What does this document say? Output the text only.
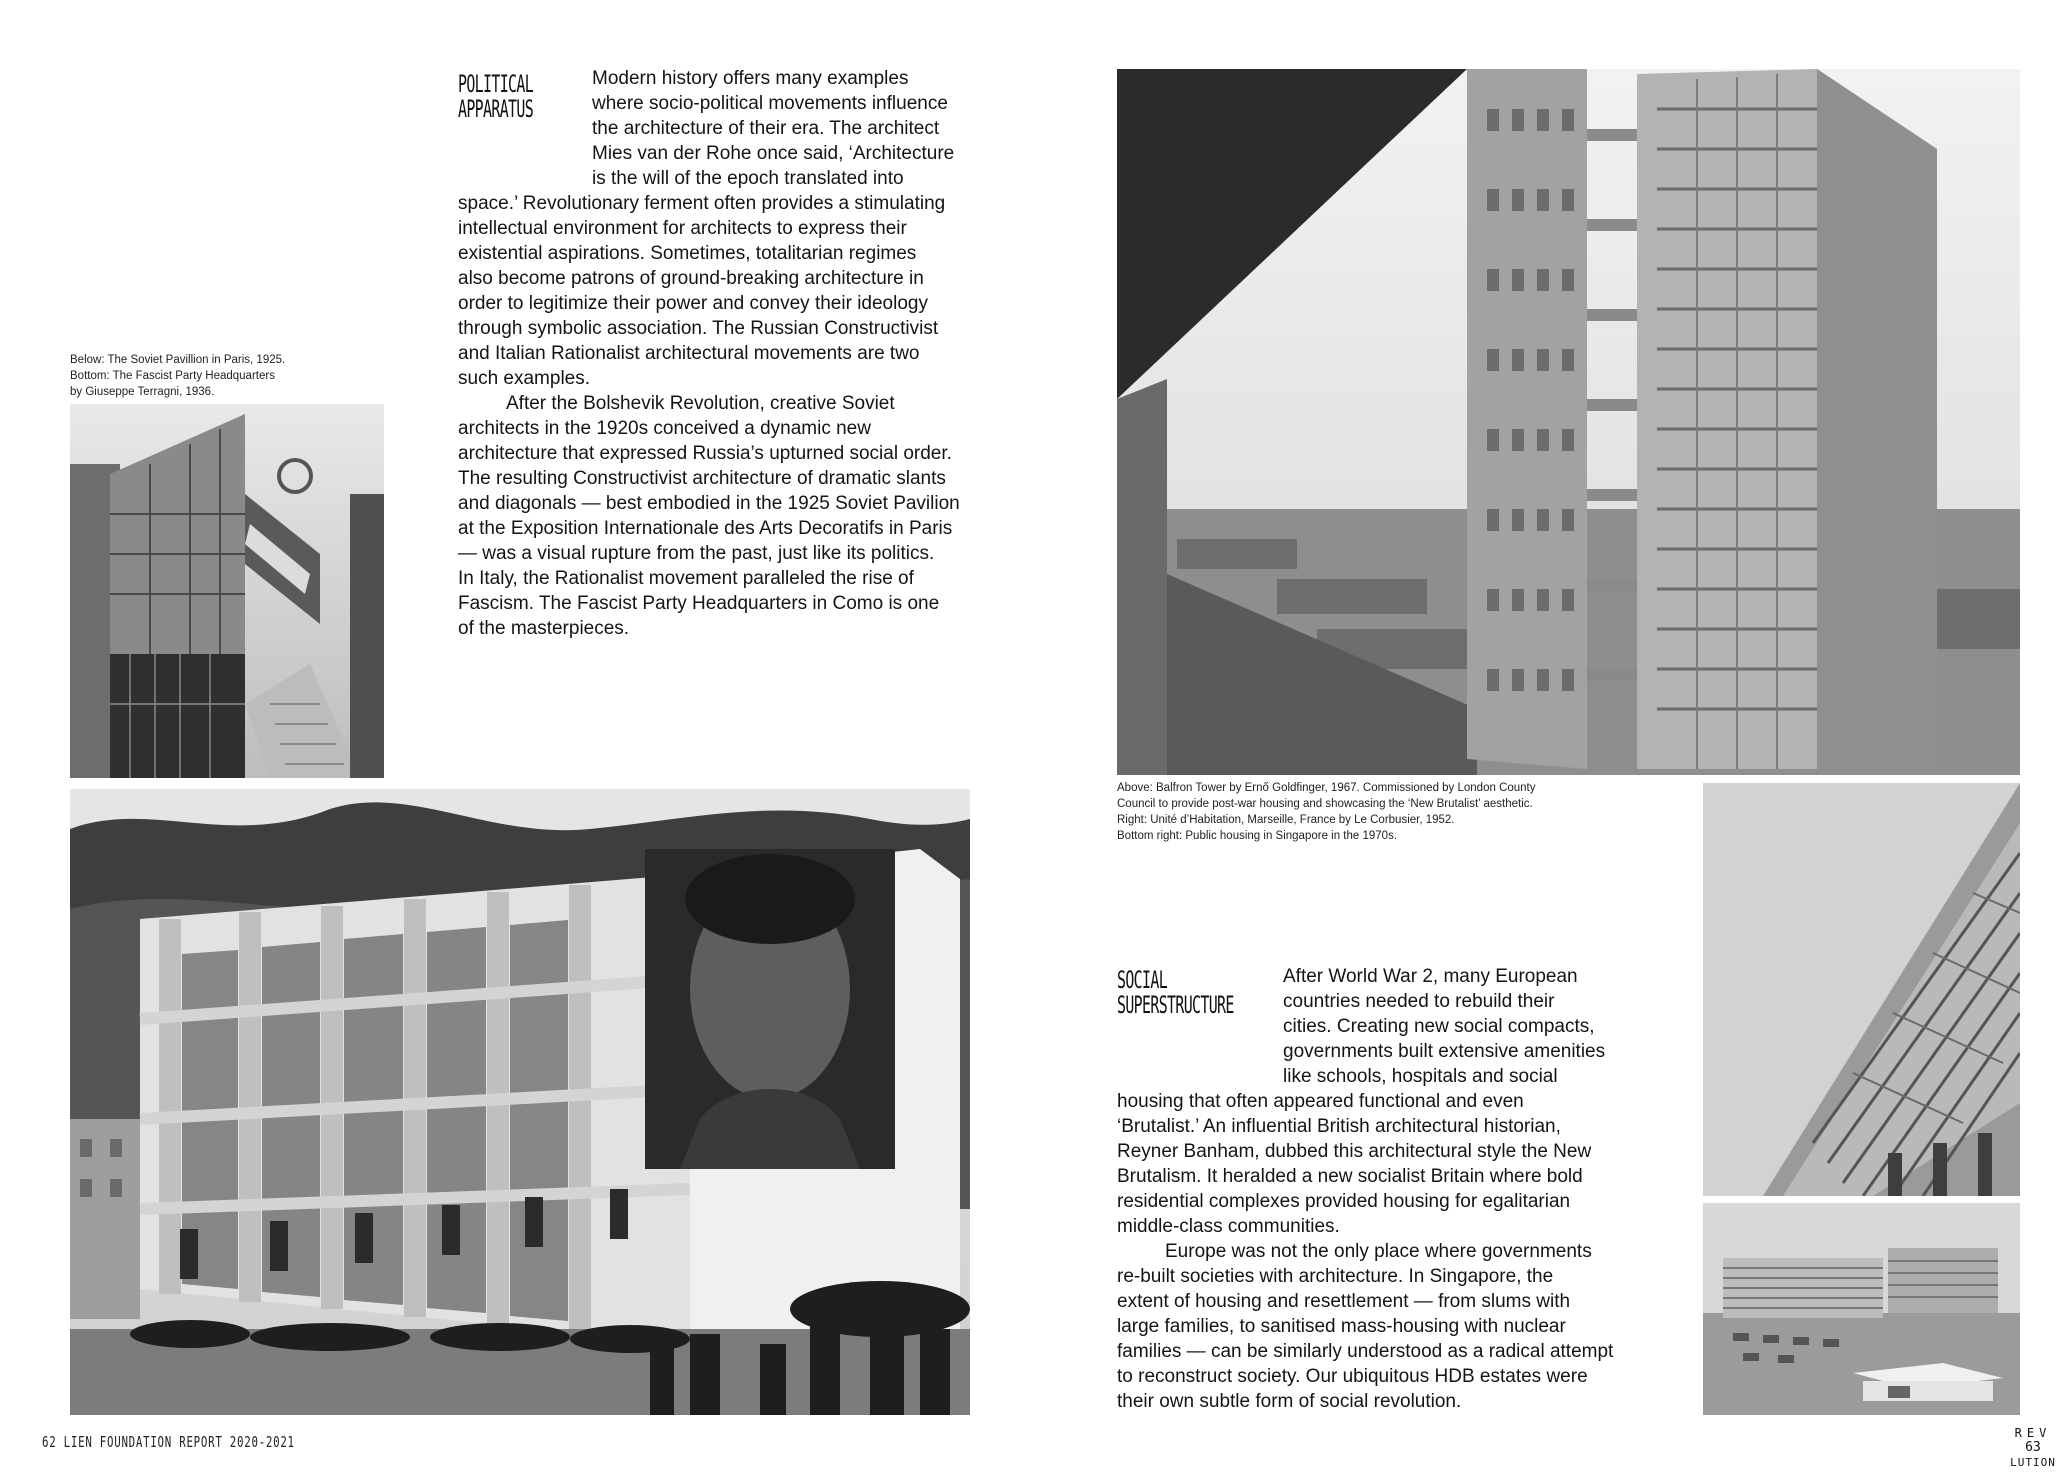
POLITICAL
APPARATUS
Modern history offers many examples
where socio-political movements influence
the architecture of their era. The architect
Mies van der Rohe once said, ‘Architecture
is the will of the epoch translated into
space.’ Revolutionary ferment often provides a stimulating
intellectual environment for architects to express their
existential aspirations. Sometimes, totalitarian regimes
also become patrons of ground-breaking architecture in
order to legitimize their power and convey their ideology
through symbolic association. The Russian Constructivist
and Italian Rationalist architectural movements are two
such examples.
After the Bolshevik Revolution, creative Soviet
architects in the 1920s conceived a dynamic new
architecture that expressed Russia’s upturned social order.
The resulting Constructivist architecture of dramatic slants
and diagonals — best embodied in the 1925 Soviet Pavilion
at the Exposition Internationale des Arts Decoratifs in Paris
— was a visual rupture from the past, just like its politics.
In Italy, the Rationalist movement paralleled the rise of
Fascism. The Fascist Party Headquarters in Como is one
of the masterpieces.
Below: The Soviet Pavillion in Paris, 1925.
Bottom: The Fascist Party Headquarters
by Giuseppe Terragni, 1936.
62 LIEN FOUNDATION REPORT 2020-2021
Above: Balfron Tower by Ernő Goldfinger, 1967. Commissioned by London County
Council to provide post-war housing and showcasing the ‘New Brutalist’ aesthetic.
Right: Unité d’Habitation, Marseille, France by Le Corbusier, 1952.
Bottom right: Public housing in Singapore in the 1970s.
SOCIAL
SUPERSTRUCTURE
After World War 2, many European
countries needed to rebuild their
cities. Creating new social compacts,
governments built extensive amenities
like schools, hospitals and social
housing that often appeared functional and even
‘Brutalist.’ An influential British architectural historian,
Reyner Banham, dubbed this architectural style the New
Brutalism. It heralded a new socialist Britain where bold
residential complexes provided housing for egalitarian
middle-class communities.
Europe was not the only place where governments
re-built societies with architecture. In Singapore, the
extent of housing and resettlement — from slums with
large families, to sanitised mass-housing with nuclear
families — can be similarly understood as a radical attempt
to reconstruct society. Our ubiquitous HDB estates were
their own subtle form of social revolution.
REV
63
LUTION
